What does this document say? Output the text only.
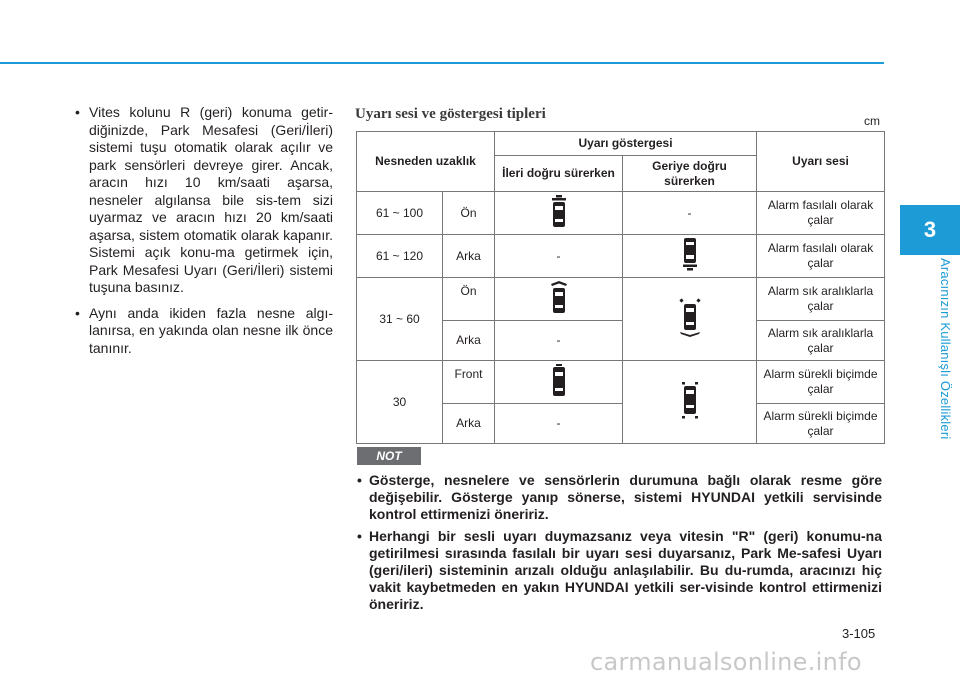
3
Aracınızın Kullanışlı Özellikleri
• Vites kolunu R (geri) konuma getir-diğinizde, Park Mesafesi (Geri/İleri) sistemi tuşu otomatik olarak açılır ve park sensörleri devreye girer. Ancak, aracın hızı 10 km/saati aşarsa, nesneler algılansa bile sis-tem sizi uyarmaz ve aracın hızı 20 km/saati aşarsa, sistem otomatik olarak kapanır. Sistemi açık konu-ma getirmek için, Park Mesafesi Uyarı (Geri/İleri) sistemi tuşuna basınız.
• Aynı anda ikiden fazla nesne algı-lanırsa, en yakında olan nesne ilk önce tanınır.
Uyarı sesi ve göstergesi tipleri	cm
Nesneden uzaklık		Uyarı göstergesi		Uyarı sesi
		İleri doğru sürerken	Geriye doğru sürerken	
61 ~ 100	Ön		-	Alarm fasılalı olarak çalar
61 ~ 120	Arka	-		Alarm fasılalı olarak çalar
31 ~ 60	Ön			Alarm sık aralıklarla çalar
	Arka	-		Alarm sık aralıklarla çalar
30	Front			Alarm sürekli biçimde çalar
	Arka	-		Alarm sürekli biçimde çalar
NOT
• Gösterge, nesnelere ve sensörlerin durumuna bağlı olarak resme göre değişebilir. Gösterge yanıp sönerse, sistemi HYUNDAI yetkili servisinde kontrol ettirmenizi öneririz.
• Herhangi bir sesli uyarı duymazsanız veya vitesin "R" (geri) konumu-na getirilmesi sırasında fasılalı bir uyarı sesi duyarsanız, Park Me-safesi Uyarı (geri/ileri) sisteminin arızalı olduğu anlaşılabilir. Bu du-rumda, aracınızı hiç vakit kaybetmeden en yakın HYUNDAI yetkili ser-visinde kontrol ettirmenizi öneririz.
3-105
carmanualsonline.info
